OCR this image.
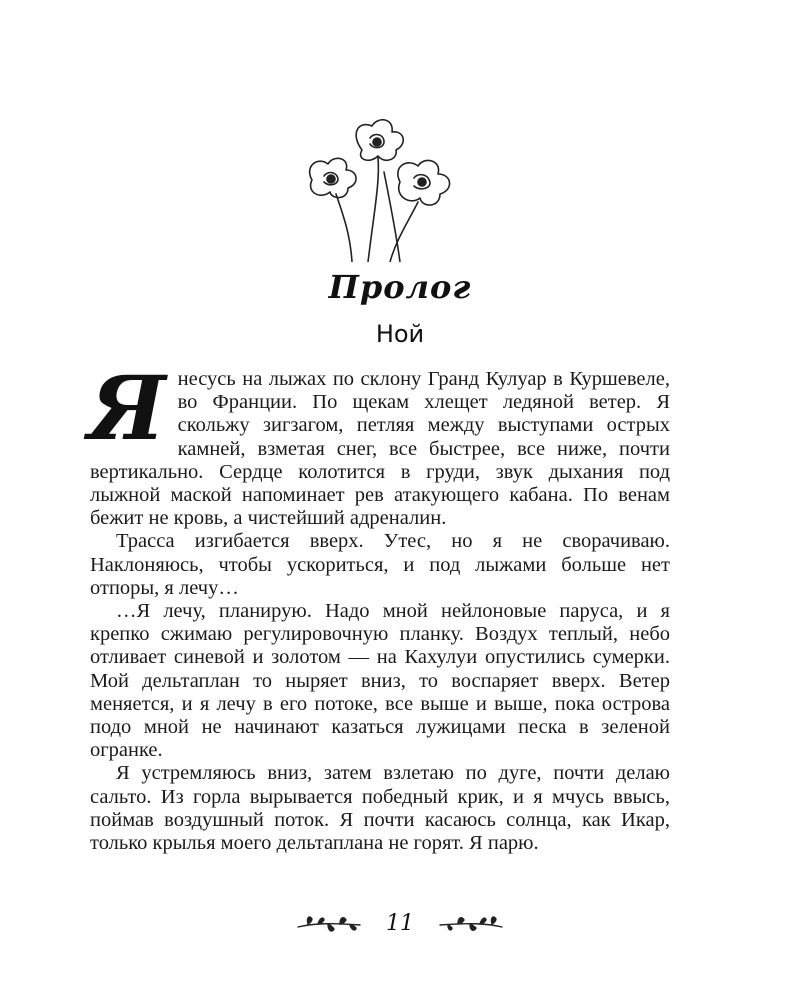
Пролог
Ной

Я несусь на лыжах по склону Гранд Кулуар в Куршевеле, во Франции. По щекам хлещет ледяной ветер. Я скольжу зигзагом, петляя между выступами острых камней, взметая снег, все быстрее, все ниже, почти вертикально. Сердце колотится в груди, звук дыхания под лыжной маской напоминает рев атакующего кабана. По венам бежит не кровь, а чистейший адреналин.

Трасса изгибается вверх. Утес, но я не сворачиваю. Наклоняюсь, чтобы ускориться, и под лыжами больше нет отпоры, я лечу…

…Я лечу, планирую. Надо мной нейлоновые паруса, и я крепко сжимаю регулировочную планку. Воздух теплый, небо отливает синевой и золотом — на Кахулуи опустились сумерки. Мой дельтаплан то ныряет вниз, то воспаряет вверх. Ветер меняется, и я лечу в его потоке, все выше и выше, пока острова подо мной не начинают казаться лужицами песка в зеленой огранке.

Я устремляюсь вниз, затем взлетаю по дуге, почти делаю сальто. Из горла вырывается победный крик, и я мчусь ввысь, поймав воздушный поток. Я почти касаюсь солнца, как Икар, только крылья моего дельтаплана не горят. Я парю.

11
